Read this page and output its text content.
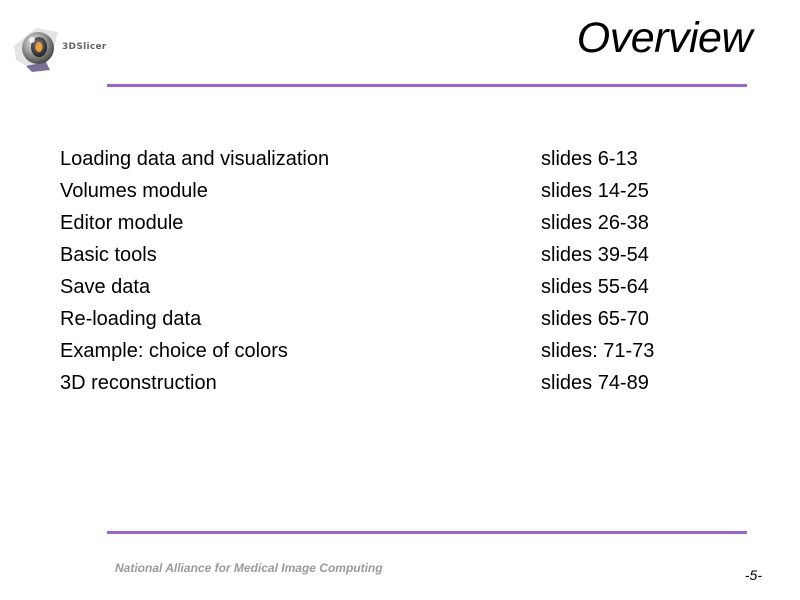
3DSlicer	Overview
Loading data and visualization	slides 6-13
Volumes module	slides 14-25
Editor module	slides 26-38
Basic tools	slides 39-54
Save data	slides 55-64
Re-loading data	slides 65-70
Example: choice of colors	slides: 71-73
3D reconstruction	slides 74-89
National Alliance for Medical Image Computing	-5-
